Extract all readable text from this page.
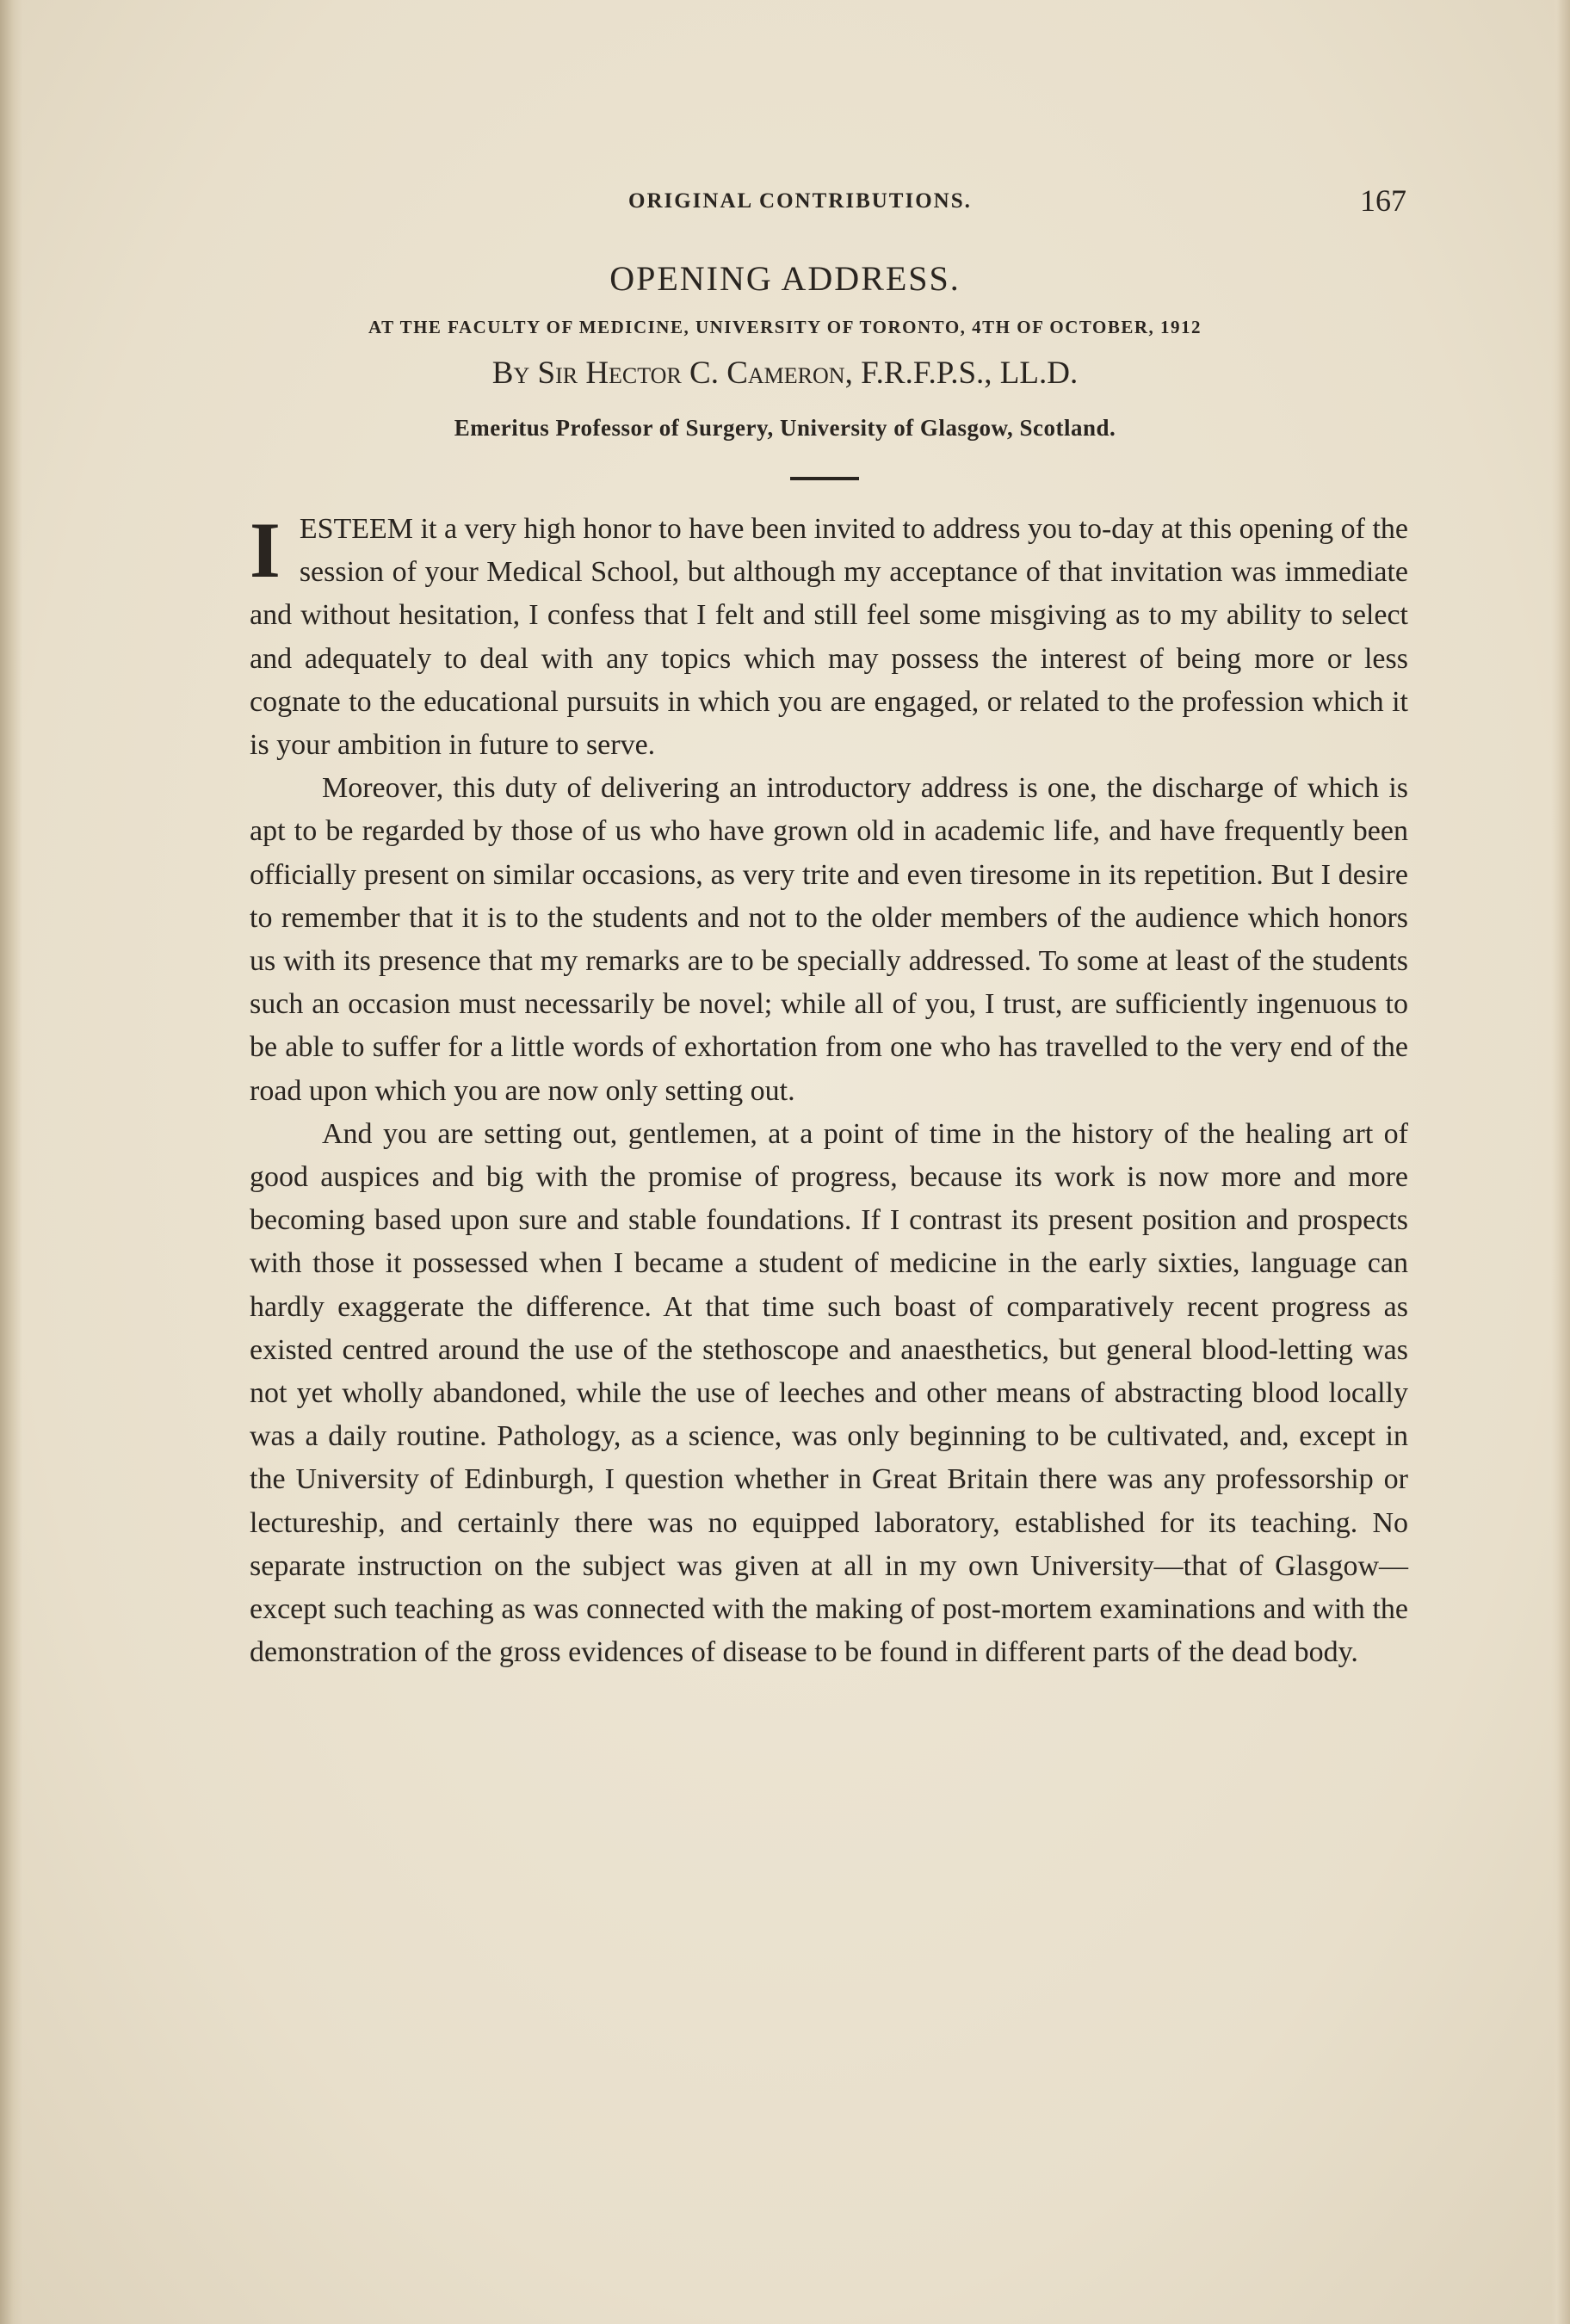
ORIGINAL CONTRIBUTIONS.	167
OPENING ADDRESS.
AT THE FACULTY OF MEDICINE, UNIVERSITY OF TORONTO, 4TH OF OCTOBER, 1912
By Sir Hector C. Cameron, F.R.F.P.S., LL.D.
Emeritus Professor of Surgery, University of Glasgow, Scotland.

I ESTEEM it a very high honor to have been invited to address you to-day at this opening of the session of your Medical School, but although my acceptance of that invitation was immediate and without hesitation, I confess that I felt and still feel some misgiving as to my ability to select and adequately to deal with any topics which may possess the interest of being more or less cognate to the educational pursuits in which you are engaged, or related to the profession which it is your ambition in future to serve.

Moreover, this duty of delivering an introductory address is one, the discharge of which is apt to be regarded by those of us who have grown old in academic life, and have frequently been officially present on similar occasions, as very trite and even tiresome in its repetition. But I desire to remember that it is to the students and not to the older members of the audience which honors us with its presence that my remarks are to be specially addressed. To some at least of the students such an occasion must necessarily be novel; while all of you, I trust, are sufficiently ingenuous to be able to suffer for a little words of exhortation from one who has travelled to the very end of the road upon which you are now only setting out.

And you are setting out, gentlemen, at a point of time in the history of the healing art of good auspices and big with the promise of progress, because its work is now more and more becoming based upon sure and stable foundations. If I contrast its present position and prospects with those it possessed when I became a student of medicine in the early sixties, language can hardly exaggerate the difference. At that time such boast of comparatively recent progress as existed centred around the use of the stethoscope and anaesthetics, but general blood-letting was not yet wholly abandoned, while the use of leeches and other means of abstracting blood locally was a daily routine. Pathology, as a science, was only beginning to be cultivated, and, except in the University of Edinburgh, I question whether in Great Britain there was any professorship or lectureship, and certainly there was no equipped laboratory, established for its teaching. No separate instruction on the subject was given at all in my own University—that of Glasgow—except such teaching as was connected with the making of post-mortem examinations and with the demonstration of the gross evidences of disease to be found in different parts of the dead body.
